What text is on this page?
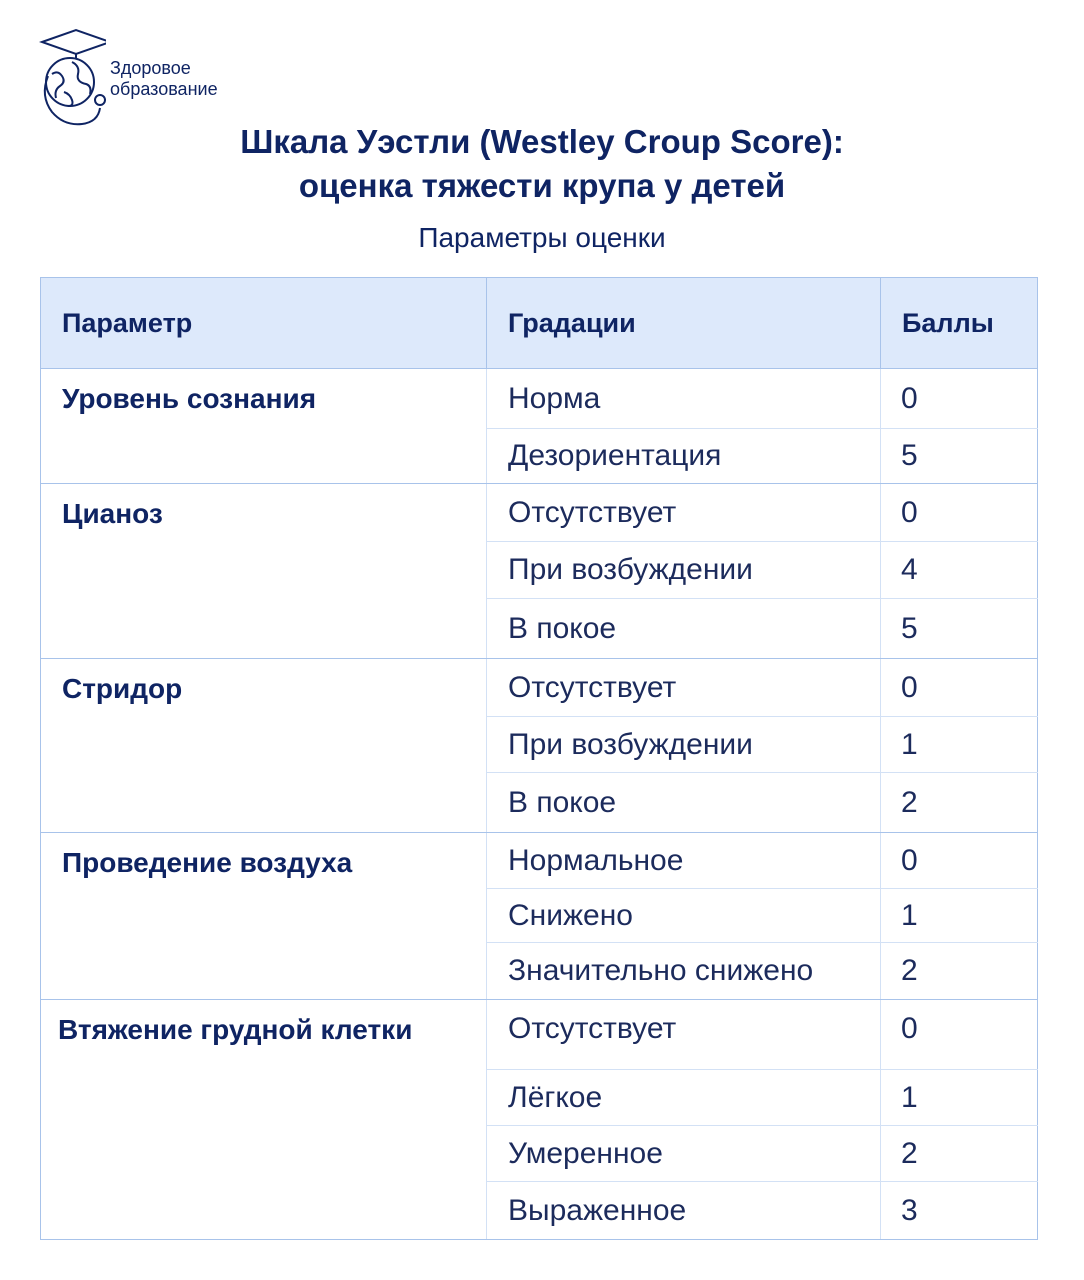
Здоровое
образование
Шкала Уэстли (Westley Croup Score):
оценка тяжести крупа у детей
Параметры оценки
Параметр	Градации	Баллы
Уровень сознания	Норма	0
	Дезориентация	5
Цианоз	Отсутствует	0
	При возбуждении	4
	В покое	5
Стридор	Отсутствует	0
	При возбуждении	1
	В покое	2
Проведение воздуха	Нормальное	0
	Снижено	1
	Значительно снижено	2
Втяжение грудной клетки	Отсутствует	0
	Лёгкое	1
	Умеренное	2
	Выраженное	3
